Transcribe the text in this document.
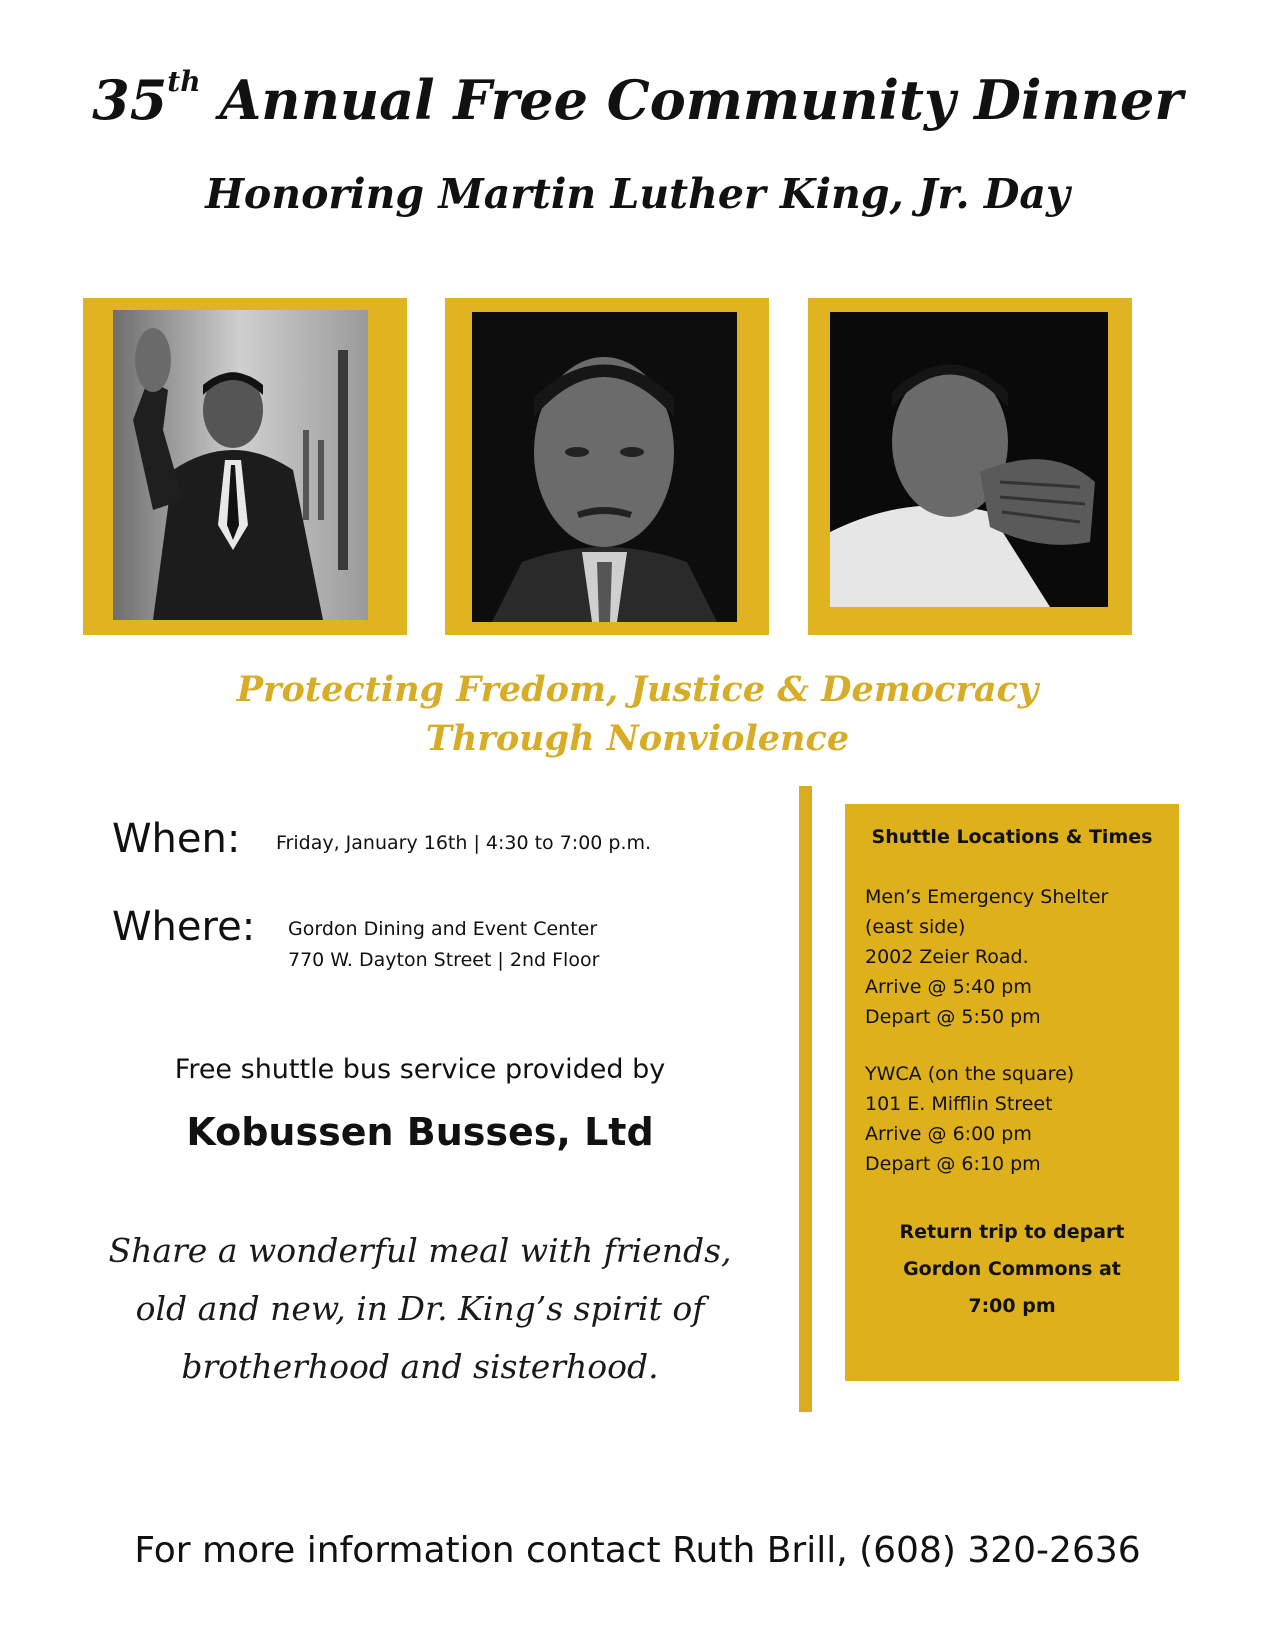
35th Annual Free Community Dinner
Honoring Martin Luther King, Jr. Day
Protecting Fredom, Justice & Democracy
Through Nonviolence
When: Friday, January 16th | 4:30 to 7:00 p.m.
Where: Gordon Dining and Event Center
770 W. Dayton Street | 2nd Floor
Free shuttle bus service provided by
Kobussen Busses, Ltd
Share a wonderful meal with friends,
old and new, in Dr. King’s spirit of
brotherhood and sisterhood.
Shuttle Locations & Times
Men’s Emergency Shelter
(east side)
2002 Zeier Road.
Arrive @ 5:40 pm
Depart @ 5:50 pm
YWCA (on the square)
101 E. Mifflin Street
Arrive @ 6:00 pm
Depart @ 6:10 pm
Return trip to depart
Gordon Commons at
7:00 pm
For more information contact Ruth Brill, (608) 320-2636
